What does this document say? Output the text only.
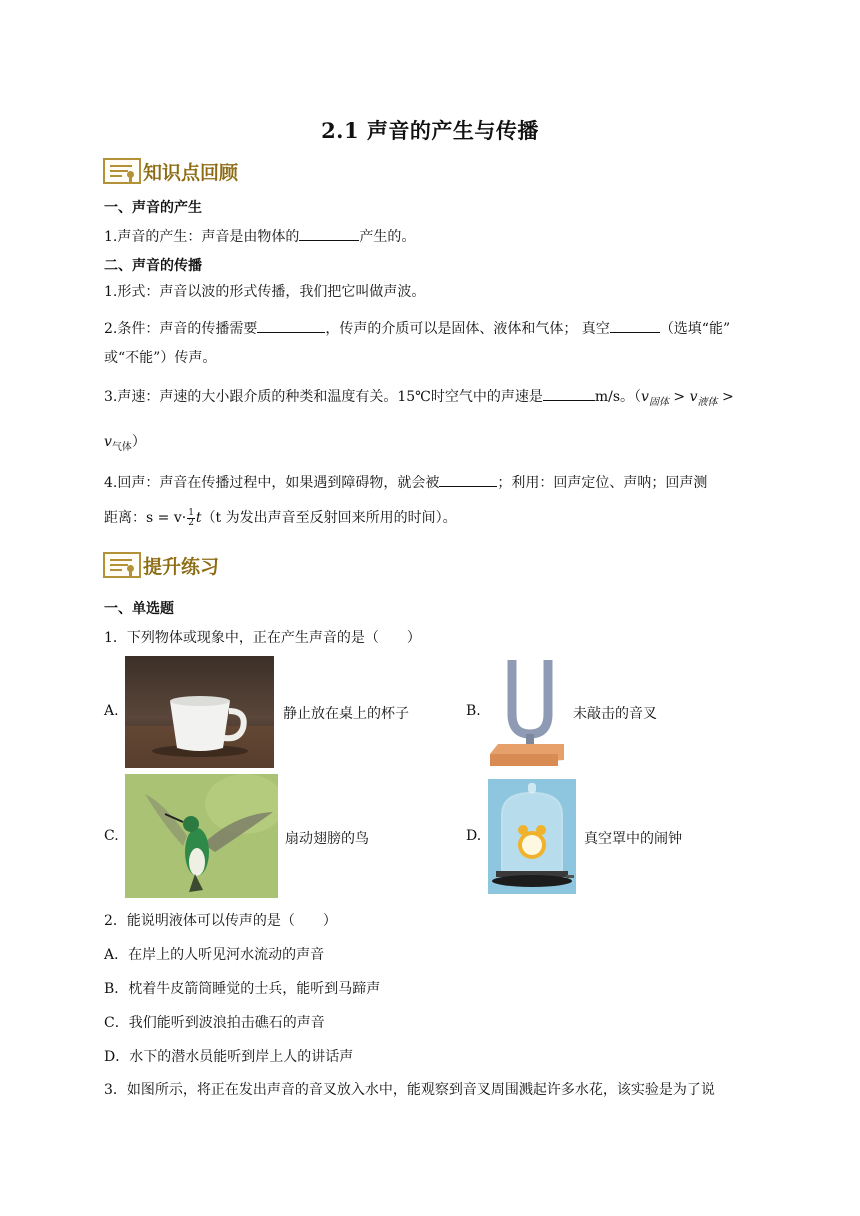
2.1 声音的产生与传播
知识点回顾
一、声音的产生
1.声音的产生：声音是由物体的	产生的。
二、声音的传播
1.形式：声音以波的形式传播，我们把它叫做声波。
2.条件：声音的传播需要	，传声的介质可以是固体、液体和气体； 真空	（选填“能”
或“不能”）传声。
3.声速：声速的大小跟介质的种类和温度有关。15℃时空气中的声速是	m/s。（$v_{固体} > v_{液体}$ >
$v_{气体}$）
4.回声：声音在传播过程中，如果遇到障碍物，就会被	；利用：回声定位、声呐；回声测
距离：$s = v\cdot \frac{1}{2} t(t$ 为发出声音至反射回来所用的时间）。
提升练习
一、单选题
1．下列物体或现象中，正在产生声音的是（　　）
A.	静止放在桌上的杯子	B.	未敲击的音叉
C.	扇动翅膀的鸟	D.	真空罩中的闹钟
2．能说明液体可以传声的是（　　）
A．在岸上的人听见河水流动的声音
B．枕着牛皮箭筒睡觉的士兵，能听到马蹄声
C．我们能听到波浪拍击礁石的声音
D．水下的潜水员能听到岸上人的讲话声
3．如图所示，将正在发出声音的音叉放入水中，能观察到音叉周围溅起许多水花，该实验是为了说
